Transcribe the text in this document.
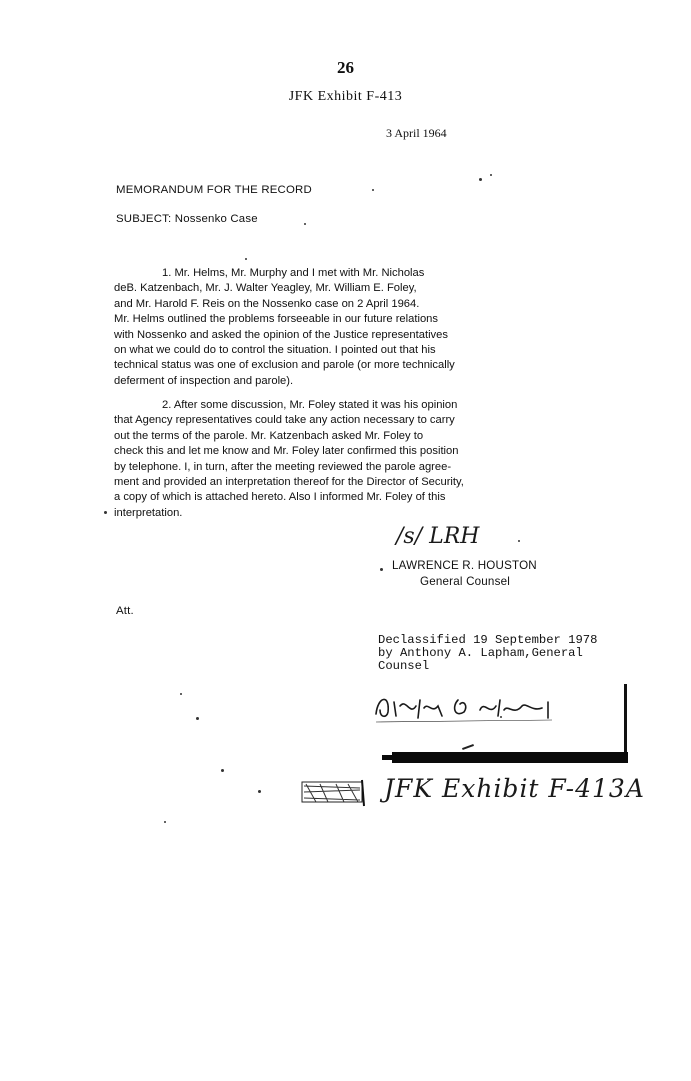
26
JFK Exhibit F-413
3 April 1964
MEMORANDUM FOR THE RECORD
SUBJECT: Nossenko Case
1. Mr. Helms, Mr. Murphy and I met with Mr. Nicholas
deB. Katzenbach, Mr. J. Walter Yeagley, Mr. William E. Foley,
and Mr. Harold F. Reis on the Nossenko case on 2 April 1964.
Mr. Helms outlined the problems forseeable in our future relations
with Nossenko and asked the opinion of the Justice representatives
on what we could do to control the situation. I pointed out that his
technical status was one of exclusion and parole (or more technically
deferment of inspection and parole).
2. After some discussion, Mr. Foley stated it was his opinion
that Agency representatives could take any action necessary to carry
out the terms of the parole. Mr. Katzenbach asked Mr. Foley to
check this and let me know and Mr. Foley later confirmed this position
by telephone. I, in turn, after the meeting reviewed the parole agree-
ment and provided an interpretation thereof for the Director of Security,
a copy of which is attached hereto. Also I informed Mr. Foley of this
interpretation.
/s/ LRH
LAWRENCE R. HOUSTON
General Counsel
Att.
Declassified 19 September 1978
by Anthony A. Lapham,General
Counsel
JFK Exhibit F-413A
